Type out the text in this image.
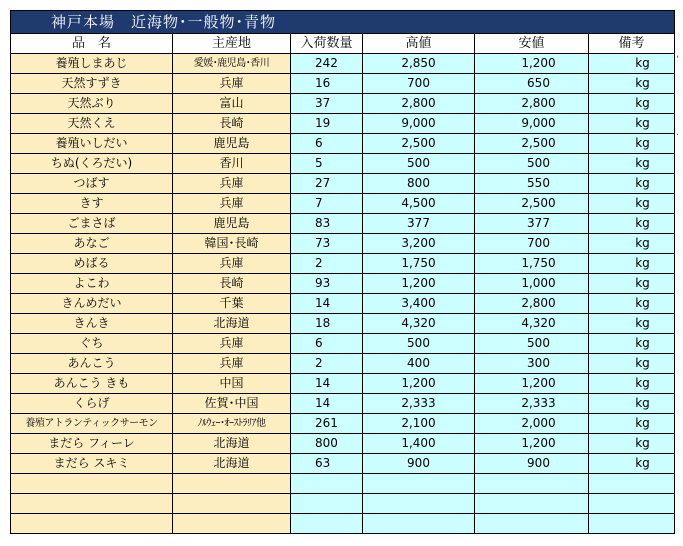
神戸本場　近海物･一般物･青物					
品　名	主産地	入荷数量	高値	安値	備考
養殖しまあじ	愛媛･鹿児島･香川	242	2,850	1,200	kg
天然すずき	兵庫	16	700	650	kg
天然ぶり	富山	37	2,800	2,800	kg
天然くえ	長崎	19	9,000	9,000	kg
養殖いしだい	鹿児島	6	2,500	2,500	kg
ちぬ(くろだい)	香川	5	500	500	kg
つばす	兵庫	27	800	550	kg
きす	兵庫	7	4,500	2,500	kg
ごまさば	鹿児島	83	377	377	kg
あなご	韓国･長崎	73	3,200	700	kg
めばる	兵庫	2	1,750	1,750	kg
よこわ	長崎	93	1,200	1,000	kg
きんめだい	千葉	14	3,400	2,800	kg
きんき	北海道	18	4,320	4,320	kg
ぐち	兵庫	6	500	500	kg
あんこう	兵庫	2	400	300	kg
あんこう きも	中国	14	1,200	1,200	kg
くらげ	佐賀･中国	14	2,333	2,333	kg
養殖アトランティックサーモン	ﾉﾙｳｪｰ･ｵｰｽﾄﾗﾘｱ他	261	2,100	2,000	kg
まだら フィーレ	北海道	800	1,400	1,200	kg
まだら スキミ	北海道	63	900	900	kg

,
.
